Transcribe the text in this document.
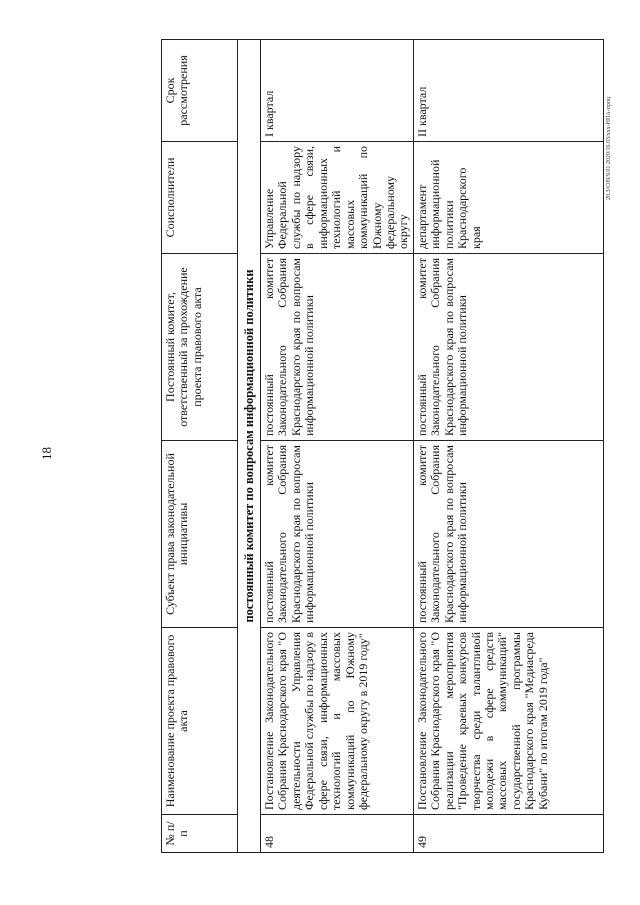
18
20.3/С09/9.01 2020/16.03/ххх-НПА-проц
№ п/п	Наименование проекта правового акта	Субъект права законодательной инициативы	Постоянный комитет, ответственный за прохождение проекта правового акта	Соисполнители	Срок рассмотрения
постоянный комитет по вопросам информационной политики					
48	Постановление Законодательного Собрания Краснодарского края "О деятельности Управления Федеральной службы по надзору в сфере связи, информационных технологий и массовых коммуникаций по Южному федеральному округу в 2019 году"	постоянный комитет Законодательного Собрания Краснодарского края по вопросам информационной политики	постоянный комитет Законодательного Собрания Краснодарского края по вопросам информационной политики	Управление Федеральной службы по надзору в сфере связи, информационных технологий и массовых коммуникаций по Южному федеральному округу	I квартал
49	Постановление Законодательного Собрания Краснодарского края "О реализации мероприятия "Проведение краевых конкурсов творчества среди талантливой молодежи в сфере средств массовых коммуникаций" государственной программы Краснодарского края "Медиасреда Кубани" по итогам 2019 года"	постоянный комитет Законодательного Собрания Краснодарского края по вопросам информационной политики	постоянный комитет Законодательного Собрания Краснодарского края по вопросам информационной политики	департамент информационной политики Краснодарского края	II квартал
